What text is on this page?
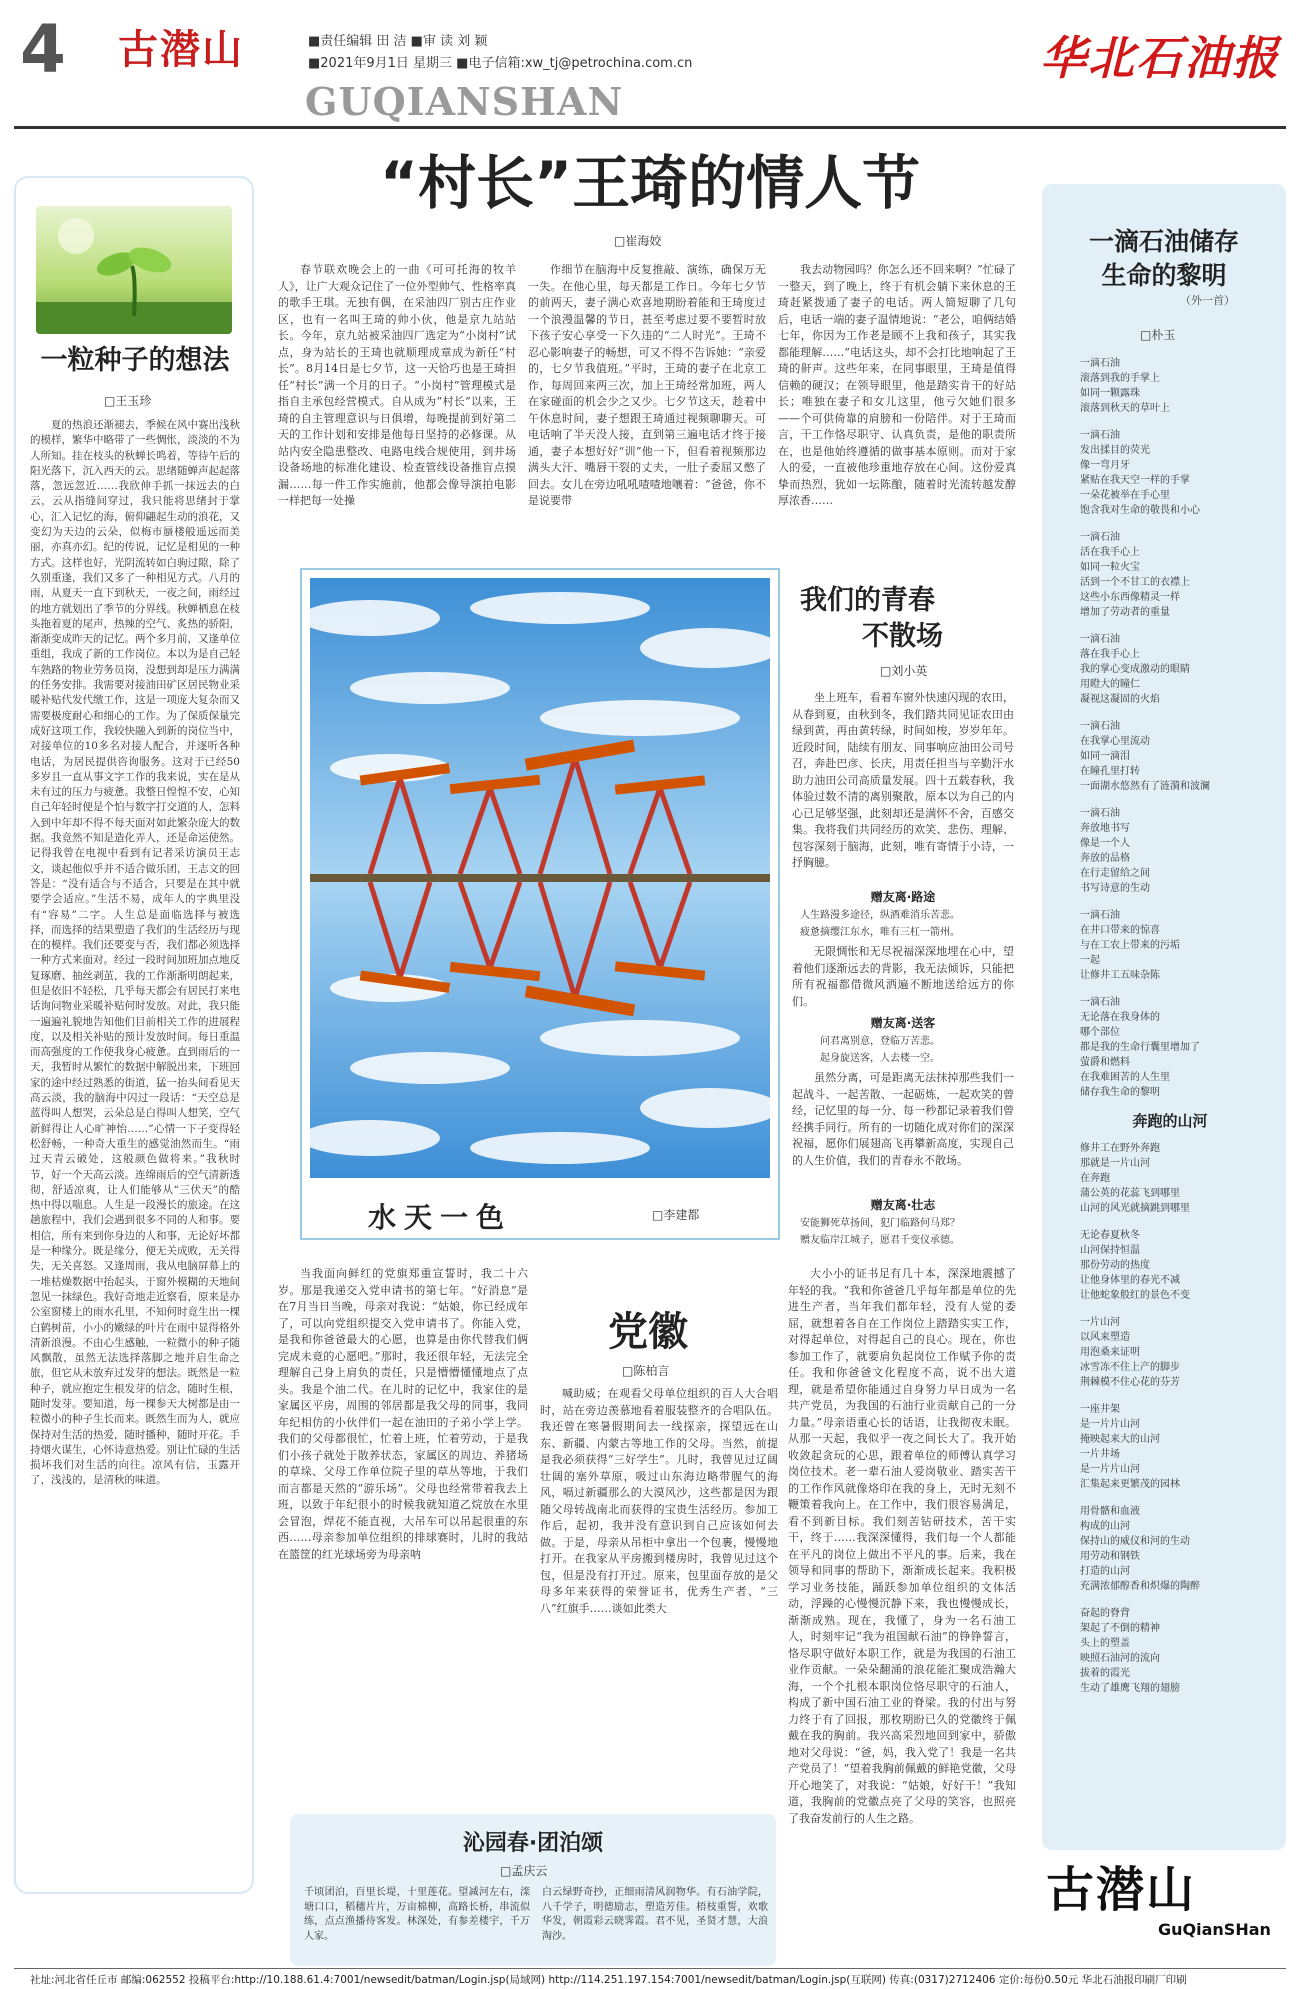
4 古潜山	■责任编辑 田 洁 ■审 读 刘 颖
■2021年9月1日 星期三 ■电子信箱:xw_tj@petrochina.com.cn
GUQIANSHAN
华北石油报
一粒种子的想法
□王玉珍

夏的热浪还渐褪去，季候在风中赛出浅秋的模样，繁华中略带了一些惆怅，淡淡的不为人所知。挂在枝头的秋蝉长鸣着，等待午后的阳光落下，沉入西天的云。思绪随蝉声起起落落，忽远忽近……我欣伸手抓一抹远去的白云，云从指缝间穿过，我只能将思绪封于掌心，汇入记忆的海，俯仰翩起生动的浪花，又变幻为天边的云朵，似梅市蜃楼般遥远而美丽，亦真亦幻。纪的传说，记忆是相见的一种方式。这样也好，光阴流转如白驹过隙，除了久别重逢，我们又多了一种相见方式。八月的雨，从夏天一直下到秋天，一夜之间，雨经过的地方就划出了季节的分界线。秋蝉栖息在枝头拖着夏的尾声，热辣的空气、炙热的骄阳，渐渐变成昨天的记忆。两个多月前，又逢单位重组，我成了新的工作岗位。本以为是自己轻车熟路的物业劳务员岗，没想到却是压力满满的任务安排。我需要对接油田矿区居民物业采暖补贴代发代缴工作，这是一项庞大复杂而又需要极度耐心和细心的工作。为了保质保量完成好这项工作，我较快融入到新的岗位当中，对接单位的10多名对接人配合，并逐听各种电话，为居民提供咨询服务。这对于已经50多岁且一直从事文字工作的我来说，实在是从未有过的压力与疲惫。我整日惶惶不安，心知自己年轻时便是个怕与数字打交道的人，怎料入到中年却不得不每天面对如此繁杂庞大的数据。我竟然不知是造化弄人，还是命运使然。记得我曾在电视中看到有记者采访演员王志文，谈起他似乎并不适合做乐团，王志文的回答是：“没有适合与不适合，只要是在其中就要学会适应。”生活不易，成年人的字典里没有“容易”二字。人生总是面临选择与被选择，而选择的结果塑造了我们的生活经历与现在的模样。我们还要变与否，我们都必须选择一种方式来面对。经过一段时间加班加点地反复琢磨、抽丝剥茧，我的工作渐渐明朗起来，但是依旧不轻松，几乎每天都会有居民打来电话询问物业采暖补贴何时发放。对此，我只能一遍遍礼貌地告知他们目前相关工作的进展程度，以及相关补贴的预计发放时间。每日重温而高强度的工作使我身心疲惫。直到雨后的一天，我暂时从繁忙的数据中解脱出来，下班回家的途中经过熟悉的街道，猛一抬头间看见天高云淡，我的脑海中闪过一段话：“天空总是蓝得叫人想哭，云朵总是白得叫人想笑，空气新鲜得让人心旷神怡……”心情一下子变得轻松舒畅，一种奇大重生的感觉油然而生。“雨过天青云破处，这般颜色做将来。”我秋时节，好一个天高云淡。连绵雨后的空气清新透彻，舒适凉爽，让人们能够从“三伏天”的酷热中得以喘息。人生是一段漫长的旅途。在这趟旅程中，我们会遇到很多不同的人和事。要相信，所有来到你身边的人和事，无论好坏都是一种缘分。既是缘分，便无关成败，无关得失，无关喜怒。又逢周雨，我从电脑屏幕上的一堆枯燥数据中抬起头，于窗外模糊的天地间忽见一抹绿色。我好奇地走近察看，原来是办公室窗楼上的雨水孔里，不知何时竟生出一棵白鹤树苗，小小的嫩绿的叶片在雨中显得格外清新浪漫。不由心生感触，一粒微小的种子随风飘散，虽然无法选择落脚之地并启生命之旅，但它从未放弃过发芽的想法。既然是一粒种子，就应抱定生根发芽的信念，随时生根，随时发芽。要知道，每一棵参天大树都是由一粒微小的种子生长而来。既然生而为人，就应保持对生活的热爱，随时播种，随时开花。手持烟火谋生，心怀诗意热爱。别让忙碌的生活损坏我们对生活的向往。凉风有信，玉露开了，浅浅的，是清秋的味道。

“村长”王琦的情人节
□崔海姣

春节联欢晚会上的一曲《可可托海的牧羊人》，让广大观众记住了一位外型帅气、性格率真的歌手王琪。无独有偶，在采油四厂别古庄作业区，也有一名叫王琦的帅小伙，他是京九站站长。今年，京九站被采油四厂选定为“小岗村”试点，身为站长的王琦也就顺理成章成为新任“村长”。8月14日是七夕节，这一天恰巧也是王琦担任“村长”满一个月的日子。“小岗村”管理模式是指自主承包经营模式。自从成为“村长”以来，王琦的自主管理意识与日俱增，每晚提前到好第二天的工作计划和安排是他每日坚持的必修课。从站内安全隐患整改、电路电线合规使用，到井场设备场地的标准化建设、检查管线设备推盲点摸漏……每一件工作实施前，他都会像导演拍电影一样把每一处操

作细节在脑海中反复推敲、演练，确保万无一失。在他心里，每天都是工作日。今年七夕节的前两天，妻子满心欢喜地期盼着能和王琦度过一个浪漫温馨的节日，甚至考虑过要不要暂时放下孩子安心享受一下久违的“二人时光”。王琦不忍心影响妻子的畅想，可又不得不告诉她：“亲爱的，七夕节我值班。”平时，王琦的妻子在北京工作，每周回来两三次，加上王琦经常加班，两人在家碰面的机会少之又少。七夕节这天，趁着中午休息时间，妻子想跟王琦通过视频聊聊天。可电话响了半天没人接，直到第三遍电话才终于接通，妻子本想好好“训”他一下，但看着视频那边满头大汗、嘴唇干裂的丈夫，一肚子委屈又憋了回去。女儿在旁边吼吼喳喳地嚷着：“爸爸，你不是说要带

我去动物园吗？你怎么还不回来啊？”忙碌了一整天，到了晚上，终于有机会躺下来休息的王琦赶紧拨通了妻子的电话。两人简短聊了几句后，电话一端的妻子温情地说：“老公，咱俩结婚七年，你因为工作老是顾不上我和孩子，其实我都能理解……”电话这头，却不会打比地响起了王琦的鼾声。这些年来，在同事眼里，王琦是值得信赖的硬汉；在领导眼里，他是踏实肯干的好站长；唯独在妻子和女儿这里，他亏欠她们很多——个可供倚靠的肩膀和一份陪伴。对于王琦而言，干工作恪尽职守、认真负责，是他的职责所在，也是他始终遵循的做事基本原则。而对于家人的爱，一直被他珍重地存放在心间。这份爱真挚而热烈，犹如一坛陈酿，随着时光流转越发醇厚浓香……

水天一色	□李建都
我们的青春
不散场
□刘小英

坐上班车，看着车窗外快速闪现的农田，从春到夏，由秋到冬，我们踏共同见证农田由绿到黄，再由黄转绿，时间如梭，岁岁年年。近段时间，陆续有朋友、同事响应油田公司号召，奔赴巴彦、长庆，用责任担当与辛勤汗水助力油田公司高质量发展。四十五载春秋，我体验过数不清的离别聚散，原本以为自己的内心已足够坚强，此刻却还是满怀不舍，百感交集。我将我们共同经历的欢笑、悲伤、理解、包容深刻于脑海，此刻，唯有寄情于小诗，一抒胸臆。

赠友离·路途
人生路漫多途径，纵酒难消乐苦悲。
疲惫摘缨江东水，唯有三杠一箭州。

无限惆怅和无尽祝福深深地埋在心中，望着他们逐渐远去的背影，我无法倾诉，只能把所有祝福都借微风洒遍不断地送给远方的你们。

赠友离·送客
问君离别意，登临万苦悲。
起身旋送客，人去楼一空。

虽然分离，可是距离无法抹掉那些我们一起战斗、一起苦散、一起砺炼，一起欢笑的曾经，记忆里的每一分、每一秒都记录着我们曾经携手同行。所有的一切随化成对你们的深深祝福，愿你们展翅高飞再攀新高度，实现自己的人生价值，我们的青春永不散场。

赠友离·壮志
安能狮死草扬间，犯门临路何马郑？
赠友临岸江城子，愿君千变仪承德。
一滴石油储存
生命的黎明
（外一首）
□朴玉
一滴石油
滚落到我的手掌上
如同一颗露珠
滚落到秋天的草叶上
一滴石油
发出揉目的荧光
像一弯月牙
紧贴在我天空一样的手掌
一朵花被举在手心里
饱含我对生命的敬畏和小心
一滴石油
活在我手心上
如同一粒火宝
活到一个不甘工的衣襟上
这些小东西像精灵一样
增加了劳动者的重量
一滴石油
落在我手心上
我的掌心变成激动的眼睛
用瞪大的瞳仁
凝视这凝固的火焰
一滴石油
在我掌心里流动
如同一滴泪
在瞳孔里打转
一面湖水悠然有了涟漪和波澜
一滴石油
奔放地书写
像是一个人
奔放的品格
在行走留给之间
书写诗意的生动
一滴石油
在井口带来的惊喜
与在工农上带来的污垢
一起
让修井工五味杂陈
一滴石油
无论落在我身体的
哪个部位
都是我的生命行囊里增加了
萤爵和燃料
在我难困苦的人生里
储存我生命的黎明
奔跑的山河
修井工在野外奔跑
那就是一片山河
在奔跑
蒲公英的花蕊飞到哪里
山河的风光就摘跳到哪里
无论春夏秋冬
山河保持恒温
那份劳动的热度
让他身体里的春光不减
让他蛇象般红的景色不变
一片山河
以风来塑造
用泡桑来证明
冰雪冻不住上产的脚步
荆棘模不住心花的芬芳
一座井架
是一片片山河
掩映起来大的山河
一片井场
是一片片山河
汇集起来更繁茂的园林
用骨骼和血液
构成的山河
保持山的威仪和河的生动
用劳动和钢铁
打造的山河
充满浓郁醇香和炽爆的陶醉
奋起的脊背
架起了不倒的精神
头上的塑盖
映照石油河的流向
拔着的霞光
生动了雄鹰飞翔的翅膀
党徽
□陈柏言

当我面向鲜红的党旗郑重宣誓时，我二十六岁。那是我递交入党申请书的第七年。“好消息”是在7月当日当晚，母亲对我说：“姑娘，你已经成年了，可以向党组织提交入党申请书了。你能入党，是我和你爸爸最大的心愿，也算是由你代替我们俩完成未竟的心愿吧。”那时，我还很年轻，无法完全理解自己身上肩负的责任，只是懵懵懂懂地点了点头。我是个油二代。在儿时的记忆中，我家住的是家属区平房，周围的邻居都是我父母的同事，我同年纪相仿的小伙伴们一起在油田的子弟小学上学。我们的父母都很忙，忙着上班，忙着劳动，于是我们小孩子就处于散养状态，家属区的周边、养猪场的草垛、父母工作单位院子里的草丛等地，于我们而言都是天然的“游乐场”。父母也经常带着我去上班，以致于年纪很小的时候我就知道乙烷放在水里会冒泡，焊花不能直视，大吊车可以吊起很重的东西……母亲参加单位组织的排球赛时，儿时的我站在篮筐的红光球场旁为母亲呐

喊助威；在观看父母单位组织的百人大合唱时，站在旁边羡慕地看着服装整齐的合唱队伍。我还曾在寒暑假期间去一线探亲，探望远在山东、新疆、内蒙古等地工作的父母。当然，前提是我必须获得“三好学生”。儿时，我曾见过辽阔壮阔的塞外草原，吸过山东海边略带腥气的海风，嗝过新疆那么的大漠风沙，这些都是因为跟随父母转战南北而获得的宝贵生活经历。参加工作后，起初，我并没有意识到自己应该如何去做。于是，母亲从吊柜中拿出一个包裹，慢慢地打开。在我家从平房搬到楼房时，我曾见过这个包，但是没有打开过。原来，包里面存放的是父母多年来获得的荣誉证书，优秀生产者、“三八”红旗手……谈如此类大

大小小的证书足有几十本，深深地震撼了年轻的我。“我和你爸爸几乎每年都是单位的先进生产者，当年我们都年轻，没有人觉的委屈，就想着各自在工作岗位上踏踏实实工作，对得起单位，对得起自己的良心。现在，你也参加工作了，就要肩负起岗位工作赋予你的责任。我和你爸爸文化程度不高，说不出大道理，就是希望你能通过自身努力早日成为一名共产党员，为我国的石油行业贡献自己的一分力量。”母亲语重心长的话语，让我彻夜未眠。从那一天起，我似乎一夜之间长大了。我开始收敛起贪玩的心思，跟着单位的师傅认真学习岗位技术。老一辈石油人爱岗敬业、踏实苦干的工作作风就像烙印在我的身上，无时无刻不鞭策着我向上。在工作中，我们很容易满足，看不到新目标。我们刻苦钻研技术，苦干实干，终于……我深深懂得，我们每一个人都能在平凡的岗位上做出不平凡的事。后来，我在领导和同事的帮助下，渐渐成长起来。我积极学习业务技能，踊跃参加单位组织的文体活动，浮躁的心慢慢沉静下来，我也慢慢成长，渐渐成熟。现在，我懂了，身为一名石油工人，时刻牢记“我为祖国献石油”的铮铮誓言，恪尽职守做好本职工作，就是为我国的石油工业作贡献。一朵朵翻涌的浪花能汇聚成浩瀚大海，一个个扎根本职岗位恪尽职守的石油人，构成了新中国石油工业的脊梁。我的付出与努力终于有了回报，那枚期盼已久的党徽终于佩戴在我的胸前。我兴高采烈地回到家中，骄傲地对父母说：“爸，妈，我入党了！我是一名共产党员了！”望着我胸前佩戴的鲜艳党徽，父母开心地笑了，对我说：“姑娘，好好干！”我知道，我胸前的党徽点亮了父母的笑容，也照亮了我奋发前行的人生之路。

沁园春·团泊颂
□孟庆云
千顷团泊，百里长堤，十里莲花。望减河左右，滦塘口口，稻穗片片，万亩棉柳，高路长桥，串流似练，点点渔播待客发。林深处，有参差楼宇，千万人家。
白云绿野奇抄，正细雨清风润物华。有石油学院，八千学子，明德励志，塑造芳佳。梧枝重誓，欢歌华发，朝霞彩云晓霁霞。君不见，圣贤才慧，大浪淘沙。
古潜山
GuQianSHan
社址:河北省任丘市 邮编:062552 投稿平台:http://10.188.61.4:7001/newsedit/batman/Login.jsp(局域网) http://114.251.197.154:7001/newsedit/batman/Login.jsp(互联网) 传真:(0317)2712406 定价:每份0.50元 华北石油报印刷厂印刷
